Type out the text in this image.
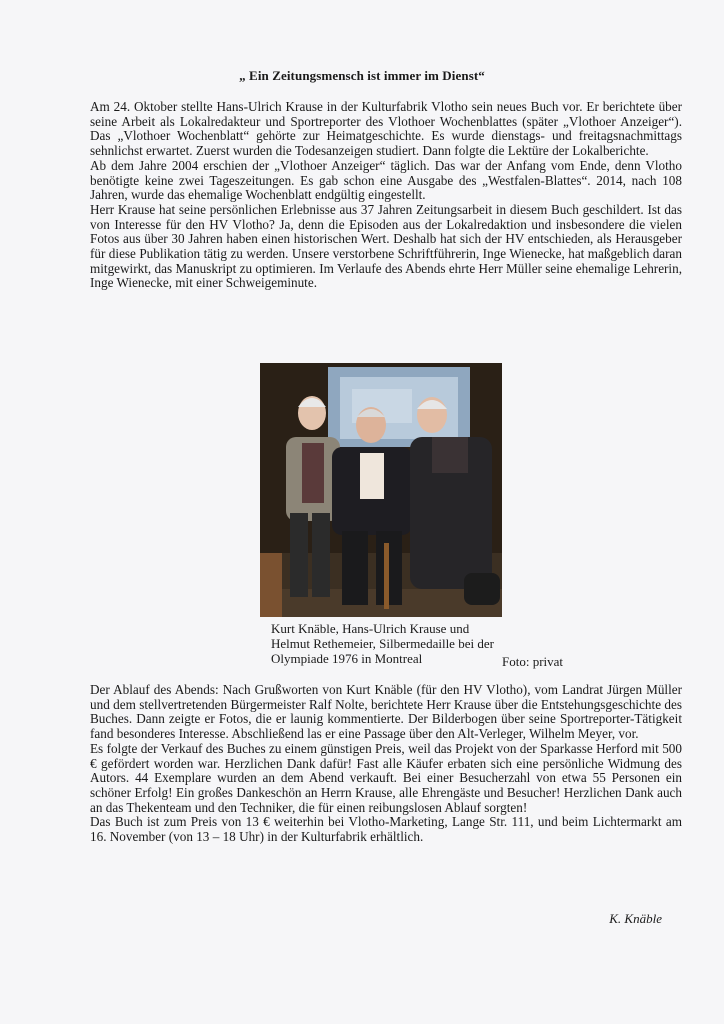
„ Ein Zeitungsmensch ist immer im Dienst“

Am 24. Oktober stellte Hans-Ulrich Krause in der Kulturfabrik Vlotho sein neues Buch vor. Er berichtete über seine Arbeit als Lokalredakteur und Sportreporter des Vlothoer Wochenblattes (später „Vlothoer Anzeiger“). Das „Vlothoer Wochenblatt“ gehörte zur Heimatgeschichte. Es wurde dienstags- und freitagsnachmittags sehnlichst erwartet. Zuerst wurden die Todesanzeigen studiert. Dann folgte die Lektüre der Lokalberichte.

Ab dem Jahre 2004 erschien der „Vlothoer Anzeiger“ täglich. Das war der Anfang vom Ende, denn Vlotho benötigte keine zwei Tageszeitungen. Es gab schon eine Ausgabe des „Westfalen-Blattes“. 2014, nach 108 Jahren, wurde das ehemalige Wochenblatt endgültig eingestellt.

Herr Krause hat seine persönlichen Erlebnisse aus 37 Jahren Zeitungsarbeit in diesem Buch geschildert. Ist das von Interesse für den HV Vlotho? Ja, denn die Episoden aus der Lokalredaktion und insbesondere die vielen Fotos aus über 30 Jahren haben einen historischen Wert. Deshalb hat sich der HV entschieden, als Herausgeber für diese Publikation tätig zu werden. Unsere verstorbene Schriftführerin, Inge Wienecke, hat maßgeblich daran mitgewirkt, das Manuskript zu optimieren. Im Verlaufe des Abends ehrte Herr Müller seine ehemalige Lehrerin, Inge Wienecke, mit einer Schweigeminute.

Kurt Knäble, Hans-Ulrich Krause und Helmut Rethemeier, Silbermedaille bei der Olympiade 1976 in Montreal	Foto: privat

Der Ablauf des Abends: Nach Grußworten von Kurt Knäble (für den HV Vlotho), vom Landrat Jürgen Müller und dem stellvertretenden Bürgermeister Ralf Nolte, berichtete Herr Krause über die Entstehungsgeschichte des Buches. Dann zeigte er Fotos, die er launig kommentierte. Der Bilderbogen über seine Sportreporter-Tätigkeit fand besonderes Interesse. Abschließend las er eine Passage über den Alt-Verleger, Wilhelm Meyer, vor.

Es folgte der Verkauf des Buches zu einem günstigen Preis, weil das Projekt von der Sparkasse Herford mit 500 € gefördert worden war. Herzlichen Dank dafür! Fast alle Käufer erbaten sich eine persönliche Widmung des Autors. 44 Exemplare wurden an dem Abend verkauft. Bei einer Besucherzahl von etwa 55 Personen ein schöner Erfolg! Ein großes Dankeschön an Herrn Krause, alle Ehrengäste und Besucher! Herzlichen Dank auch an das Thekenteam und den Techniker, die für einen reibungslosen Ablauf sorgten!

Das Buch ist zum Preis von 13 € weiterhin bei Vlotho-Marketing, Lange Str. 111, und beim Lichtermarkt am 16. November (von 13 – 18 Uhr) in der Kulturfabrik erhältlich.

K. Knäble
